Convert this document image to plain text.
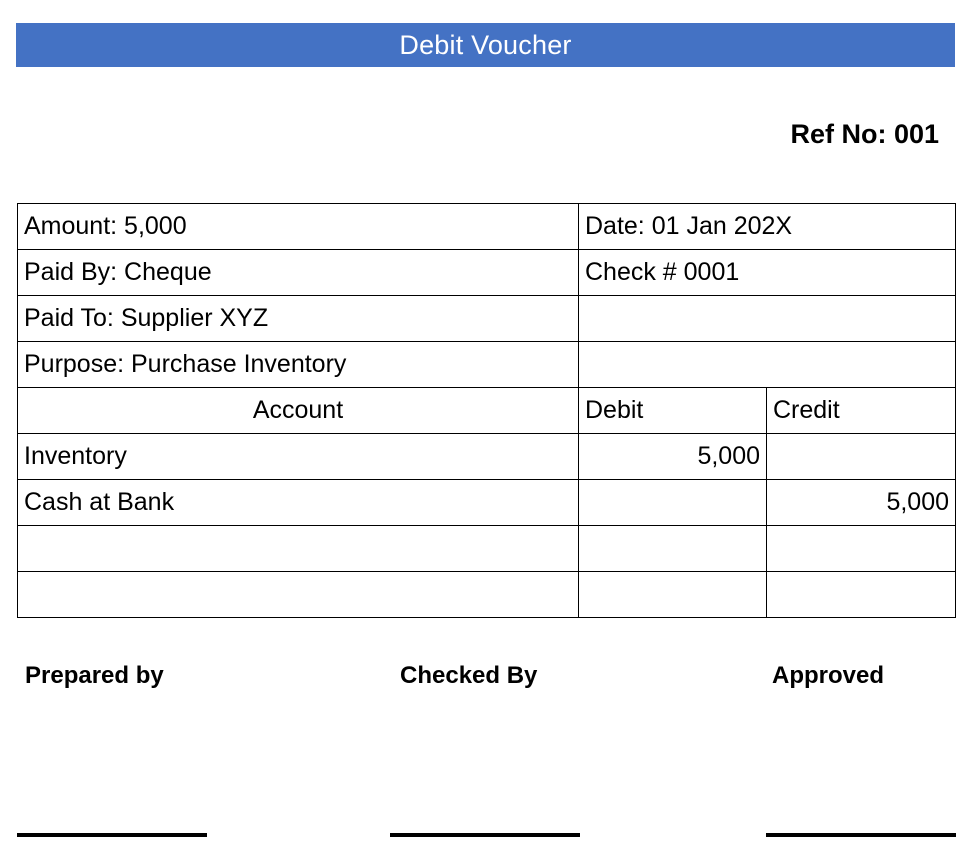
Debit Voucher
Ref No: 001
Amount: 5,000	Date: 01 Jan 202X	
Paid By: Cheque	Check # 0001	
Paid To: Supplier XYZ		
Purpose: Purchase Inventory		
Account	Debit	Credit
Inventory	5,000	
Cash at Bank		5,000

Prepared by	Checked By	Approved
